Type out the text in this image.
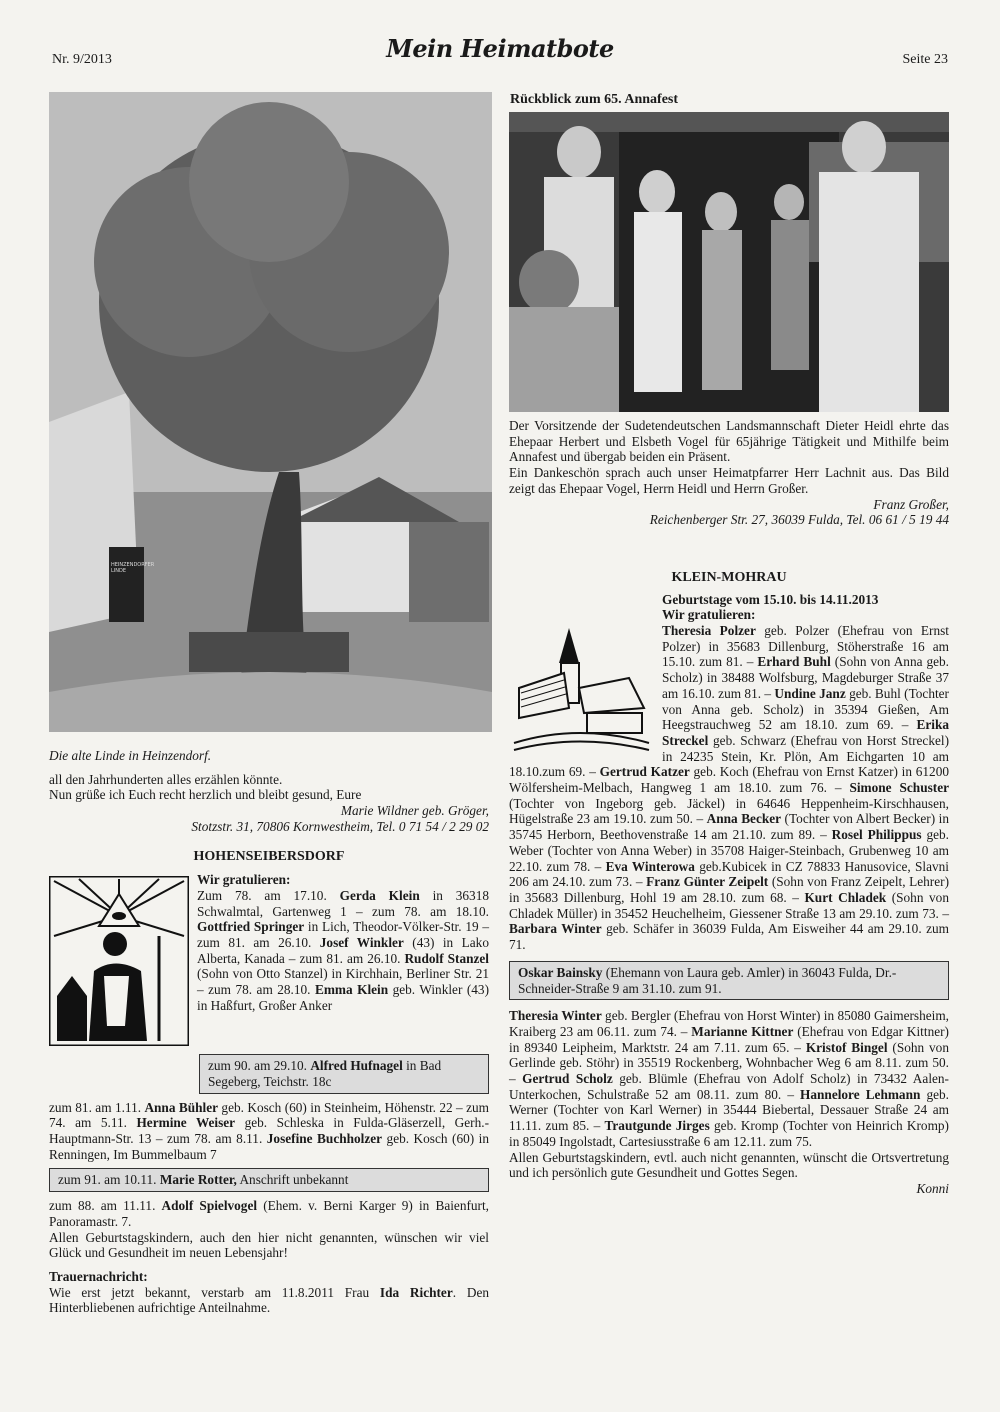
Nr. 9/2013	Mein Heimatbote	Seite 23
HEINZENDORFER LINDE

Die alte Linde in Heinzendorf.

all den Jahrhunderten alles erzählen könnte.

Nun grüße ich Euch recht herzlich und bleibt gesund, Eure

Marie Wildner geb. Gröger,

Stotzstr. 31, 70806 Kornwestheim, Tel. 0 71 54 / 2 29 02

HOHENSEIBERSDORF

Wir gratulieren:

Zum 78. am 17.10. Gerda Klein in 36318 Schwalmtal, Gartenweg 1 – zum 78. am 18.10. Gottfried Springer in Lich, Theodor-Völker-Str. 19 – zum 81. am 26.10. Josef Winkler (43) in Lako Alberta, Kanada – zum 81. am 26.10. Rudolf Stanzel (Sohn von Otto Stanzel) in Kirchhain, Berliner Str. 21 – zum 78. am 28.10. Emma Klein geb. Winkler (43) in Haßfurt, Großer Anker

zum 90. am 29.10. Alfred Hufnagel in Bad Segeberg, Teichstr. 18c

zum 81. am 1.11. Anna Bühler geb. Kosch (60) in Steinheim, Höhenstr. 22 – zum 74. am 5.11. Hermine Weiser geb. Schleska in Fulda-Gläserzell, Gerh.-Hauptmann-Str. 13 – zum 78. am 8.11. Josefine Buchholzer geb. Kosch (60) in Renningen, Im Bummelbaum 7

zum 91. am 10.11. Marie Rotter, Anschrift unbekannt

zum 88. am 11.11. Adolf Spielvogel (Ehem. v. Berni Karger 9) in Baienfurt, Panoramastr. 7.

Allen Geburtstagskindern, auch den hier nicht genannten, wünschen wir viel Glück und Gesundheit im neuen Lebensjahr!

Trauernachricht:

Wie erst jetzt bekannt, verstarb am 11.8.2011 Frau Ida Richter. Den Hinterbliebenen aufrichtige Anteilnahme.

Rückblick zum 65. Annafest

Der Vorsitzende der Sudetendeutschen Landsmannschaft Dieter Heidl ehrte das Ehepaar Herbert und Elsbeth Vogel für 65jährige Tätigkeit und Mithilfe beim Annafest und übergab beiden ein Präsent.

Ein Dankeschön sprach auch unser Heimatpfarrer Herr Lachnit aus. Das Bild zeigt das Ehepaar Vogel, Herrn Heidl und Herrn Großer.

Franz Großer,

Reichenberger Str. 27, 36039 Fulda, Tel. 06 61 / 5 19 44

KLEIN-MOHRAU

Geburtstage vom 15.10. bis 14.11.2013

Wir gratulieren:

Theresia Polzer geb. Polzer (Ehefrau von Ernst Polzer) in 35683 Dillenburg, Stöherstraße 16 am 15.10. zum 81. – Erhard Buhl (Sohn von Anna geb. Scholz) in 38488 Wolfsburg, Magdeburger Straße 37 am 16.10. zum 81. – Undine Janz geb. Buhl (Tochter von Anna geb. Scholz) in 35394 Gießen, Am Heegstrauchweg 52 am 18.10. zum 69. – Erika Streckel geb. Schwarz (Ehefrau von Horst Streckel) in 24235 Stein, Kr. Plön, Am Eichgarten 10 am 18.10.zum 69. – Gertrud Katzer geb. Koch (Ehefrau von Ernst Katzer) in 61200 Wölfersheim-Melbach, Hangweg 1 am 18.10. zum 76. – Simone Schuster (Tochter von Ingeborg geb. Jäckel) in 64646 Heppenheim-Kirschhausen, Hügelstraße 23 am 19.10. zum 50. – Anna Becker (Tochter von Albert Becker) in 35745 Herborn, Beethovenstraße 14 am 21.10. zum 89. – Rosel Philippus geb. Weber (Tochter von Anna Weber) in 35708 Haiger-Steinbach, Grubenweg 10 am 22.10. zum 78. – Eva Winterowa geb.Kubicek in CZ 78833 Hanusovice, Slavni 206 am 24.10. zum 73. – Franz Günter Zeipelt (Sohn von Franz Zeipelt, Lehrer) in 35683 Dillenburg, Hohl 19 am 28.10. zum 68. – Kurt Chladek (Sohn von Chladek Müller) in 35452 Heuchelheim, Giessener Straße 13 am 29.10. zum 73. – Barbara Winter geb. Schäfer in 36039 Fulda, Am Eisweiher 44 am 29.10. zum 71.

Oskar Bainsky (Ehemann von Laura geb. Amler) in 36043 Fulda, Dr.-Schneider-Straße 9 am 31.10. zum 91.

Theresia Winter geb. Bergler (Ehefrau von Horst Winter) in 85080 Gaimersheim, Kraiberg 23 am 06.11. zum 74. – Marianne Kittner (Ehefrau von Edgar Kittner) in 89340 Leipheim, Marktstr. 24 am 7.11. zum 65. – Kristof Bingel (Sohn von Gerlinde geb. Stöhr) in 35519 Rockenberg, Wohnbacher Weg 6 am 8.11. zum 50. – Gertrud Scholz geb. Blümle (Ehefrau von Adolf Scholz) in 73432 Aalen-Unterkochen, Schulstraße 52 am 08.11. zum 80. – Hannelore Lehmann geb. Werner (Tochter von Karl Werner) in 35444 Biebertal, Dessauer Straße 24 am 11.11. zum 85. – Trautgunde Jirges geb. Kromp (Tochter von Heinrich Kromp) in 85049 Ingolstadt, Cartesiusstraße 6 am 12.11. zum 75.

Allen Geburtstagskindern, evtl. auch nicht genannten, wünscht die Ortsvertretung und ich persönlich gute Gesundheit und Gottes Segen.

Konni
